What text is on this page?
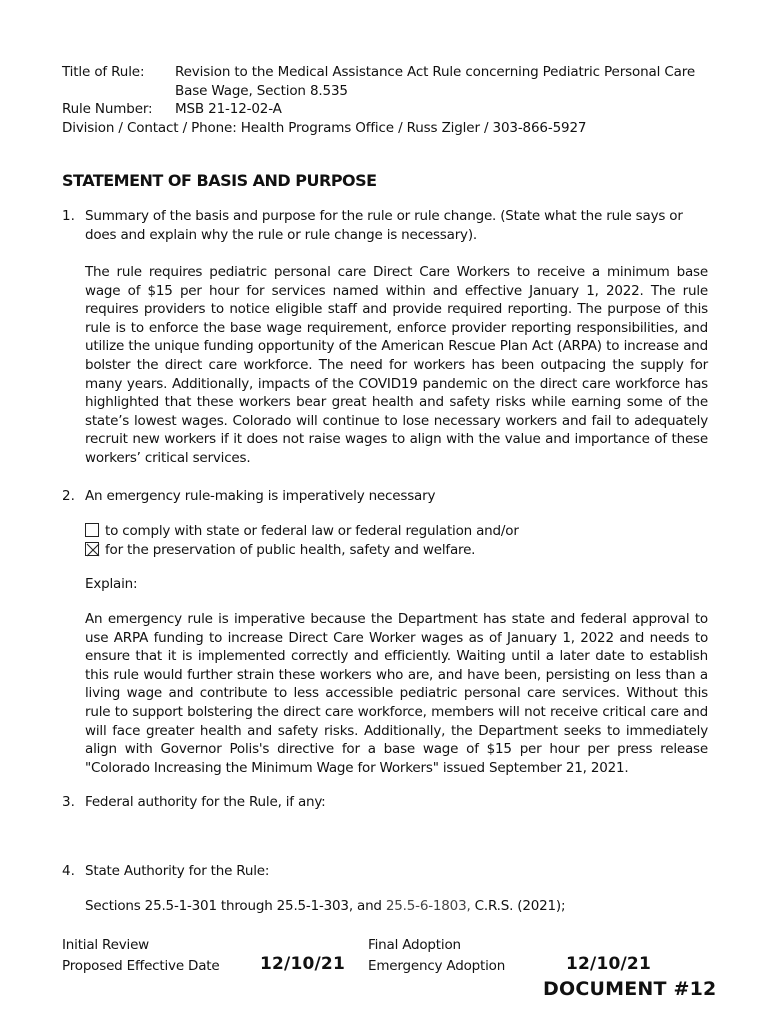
Title of Rule: Revision to the Medical Assistance Act Rule concerning Pediatric Personal Care
Base Wage, Section 8.535
Rule Number: MSB 21-12-02-A
Division / Contact / Phone: Health Programs Office / Russ Zigler / 303-866-5927
STATEMENT OF BASIS AND PURPOSE
1. Summary of the basis and purpose for the rule or rule change. (State what the rule says or does and explain why the rule or rule change is necessary).
The rule requires pediatric personal care Direct Care Workers to receive a minimum base wage of $15 per hour for services named within and effective January 1, 2022. The rule requires providers to notice eligible staff and provide required reporting. The purpose of this rule is to enforce the base wage requirement, enforce provider reporting responsibilities, and utilize the unique funding opportunity of the American Rescue Plan Act (ARPA) to increase and bolster the direct care workforce. The need for workers has been outpacing the supply for many years. Additionally, impacts of the COVID19 pandemic on the direct care workforce has highlighted that these workers bear great health and safety risks while earning some of the state’s lowest wages. Colorado will continue to lose necessary workers and fail to adequately recruit new workers if it does not raise wages to align with the value and importance of these workers’ critical services.
2. An emergency rule-making is imperatively necessary
to comply with state or federal law or federal regulation and/or
for the preservation of public health, safety and welfare.
Explain:
An emergency rule is imperative because the Department has state and federal approval to use ARPA funding to increase Direct Care Worker wages as of January 1, 2022 and needs to ensure that it is implemented correctly and efficiently. Waiting until a later date to establish this rule would further strain these workers who are, and have been, persisting on less than a living wage and contribute to less accessible pediatric personal care services. Without this rule to support bolstering the direct care workforce, members will not receive critical care and will face greater health and safety risks. Additionally, the Department seeks to immediately align with Governor Polis's directive for a base wage of $15 per hour per press release "Colorado Increasing the Minimum Wage for Workers" issued September 21, 2021.
3. Federal authority for the Rule, if any:
4. State Authority for the Rule:
Sections 25.5-1-301 through 25.5-1-303, and 25.5-6-1803, C.R.S. (2021);
Initial Review
Proposed Effective Date 12/10/21
Final Adoption
Emergency Adoption	12/10/21
DOCUMENT #12
